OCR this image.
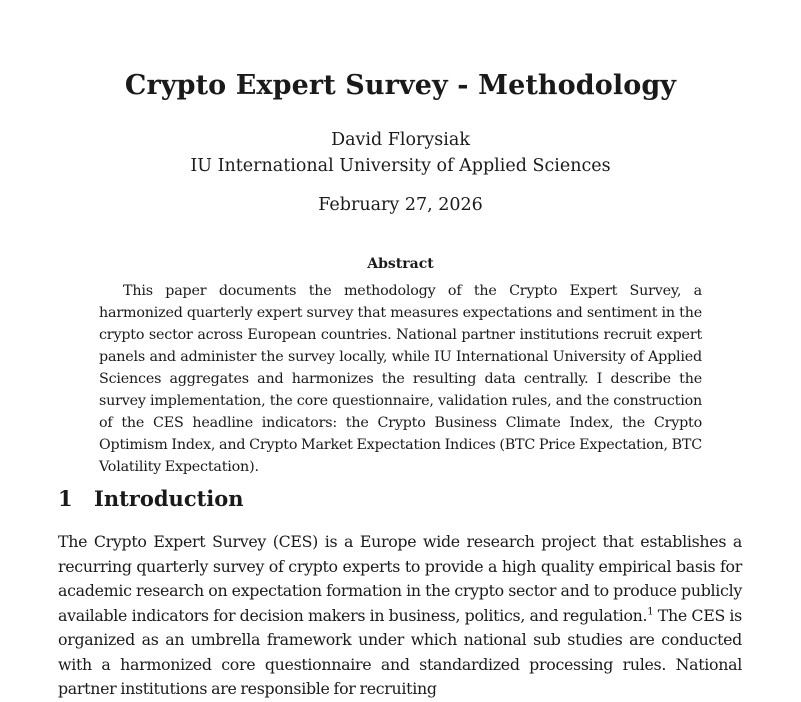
Crypto Expert Survey - Methodology
David Florysiak
IU International University of Applied Sciences
February 27, 2026
Abstract
This paper documents the methodology of the Crypto Expert Survey, a harmonized quarterly expert survey that measures expectations and sentiment in the crypto sector across European countries. National partner institutions recruit expert panels and administer the survey locally, while IU International University of Applied Sciences aggregates and harmonizes the resulting data centrally. I describe the survey implementation, the core questionnaire, validation rules, and the construction of the CES headline indicators: the Crypto Business Climate Index, the Crypto Optimism Index, and Crypto Market Expectation Indices (BTC Price Expectation, BTC Volatility Expectation).
1 Introduction
The Crypto Expert Survey (CES) is a Europe wide research project that establishes a recurring quarterly survey of crypto experts to provide a high quality empirical basis for academic research on expectation formation in the crypto sector and to produce publicly available indicators for decision makers in business, politics, and regulation.$^1$ The CES is organized as an umbrella framework under which national sub studies are conducted with a harmonized core questionnaire and standardized processing rules. National partner institutions are responsible for recruiting
